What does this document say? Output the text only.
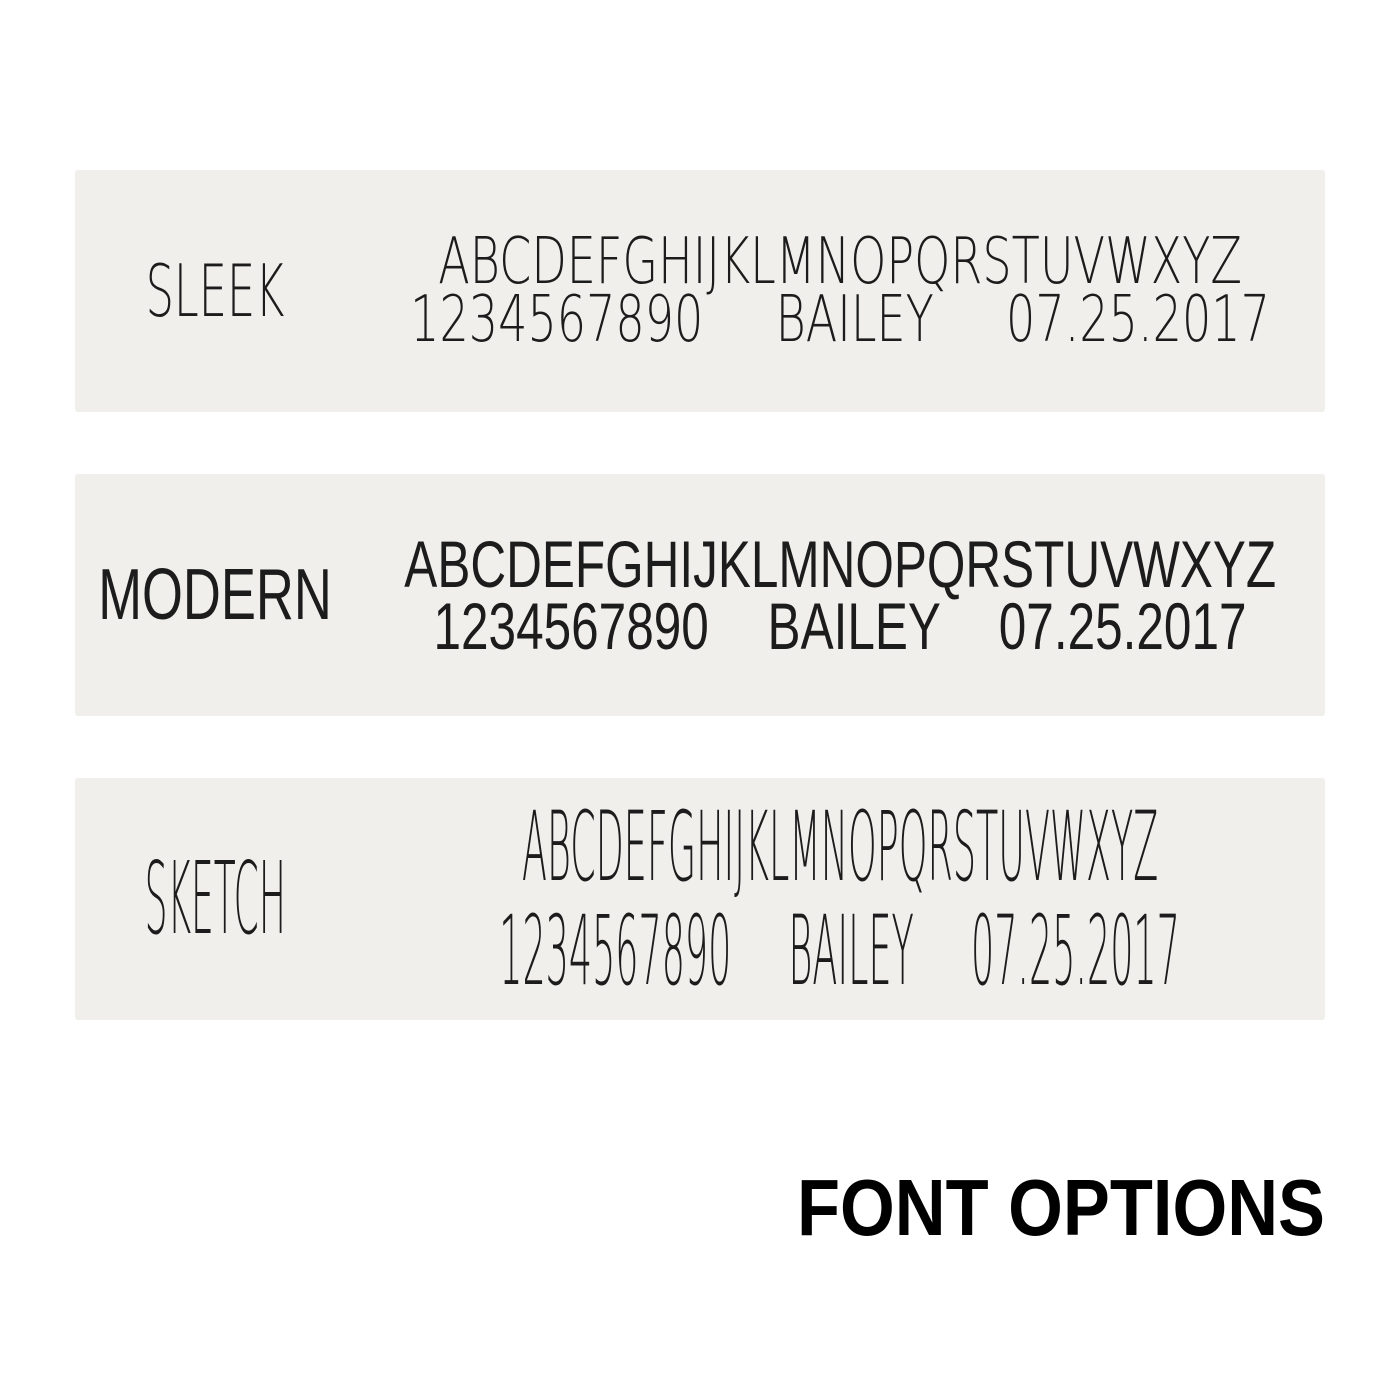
SLEEK ABCDEFGHIJKLMNOPQRSTUVWXYZ
1234567890 BAILEY 07.25.2017
MODERN ABCDEFGHIJKLMNOPQRSTUVWXYZ
1234567890 BAILEY 07.25.2017
SKETCH ABCDEFGHIJKLMNOPQRSTUVWXYZ
1234567890 BAILEY 07.25.2017
FONT OPTIONS
